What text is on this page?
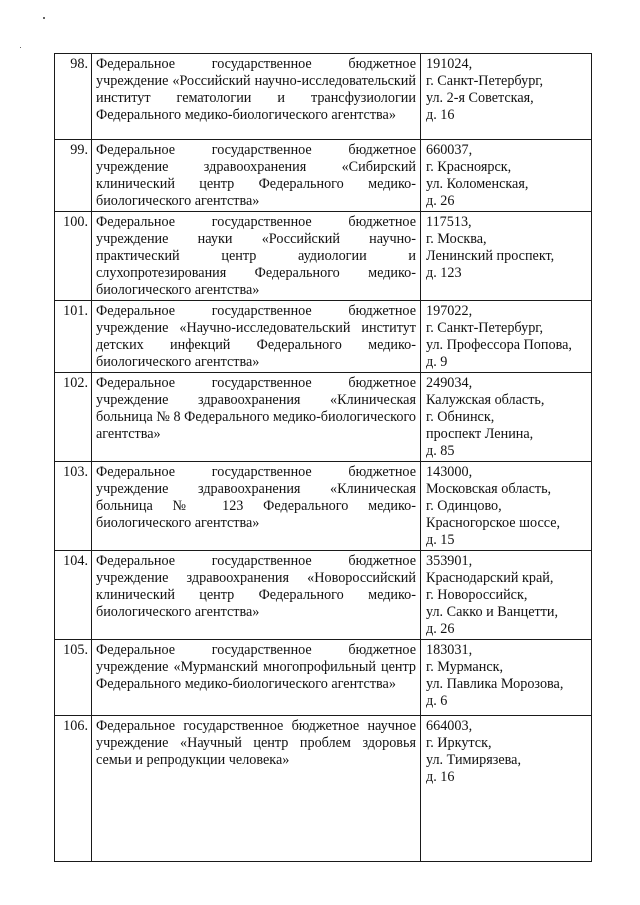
98.	Федеральное государственное бюджетное учреждение «Российский научно-исследовательский институт гематологии и трансфузиологии Федерального медико-биологического агентства»	191024,
г. Санкт-Петербург,
ул. 2-я Советская,
д. 16

99.	Федеральное государственное бюджетное учреждение здравоохранения «Сибирский клинический центр Федерального медико-биологического агентства»	660037,
г. Красноярск,
ул. Коломенская,
д. 26

100.	Федеральное государственное бюджетное учреждение науки «Российский научно-практический центр аудиологии и слухопротезирования Федерального медико-биологического агентства»	117513,
г. Москва,
Ленинский проспект,
д. 123

101.	Федеральное государственное бюджетное учреждение «Научно-исследовательский институт детских инфекций Федерального медико-биологического агентства»	197022,
г. Санкт-Петербург,
ул. Профессора Попова,
д. 9

102.	Федеральное государственное бюджетное учреждение здравоохранения «Клиническая больница № 8 Федерального медико-биологического агентства»	249034,
Калужская область,
г. Обнинск,
проспект Ленина,
д. 85

103.	Федеральное государственное бюджетное учреждение здравоохранения «Клиническая больница № 123 Федерального медико-биологического агентства»	143000,
Московская область,
г. Одинцово,
Красногорское шоссе,
д. 15

104.	Федеральное государственное бюджетное учреждение здравоохранения «Новороссийский клинический центр Федерального медико-биологического агентства»	353901,
Краснодарский край,
г. Новороссийск,
ул. Сакко и Ванцетти,
д. 26

105.	Федеральное государственное бюджетное учреждение «Мурманский многопрофильный центр Федерального медико-биологического агентства»	183031,
г. Мурманск,
ул. Павлика Морозова,
д. 6

106.	Федеральное государственное бюджетное научное учреждение «Научный центр проблем здоровья семьи и репродукции человека»	664003,
г. Иркутск,
ул. Тимирязева,
д. 16
